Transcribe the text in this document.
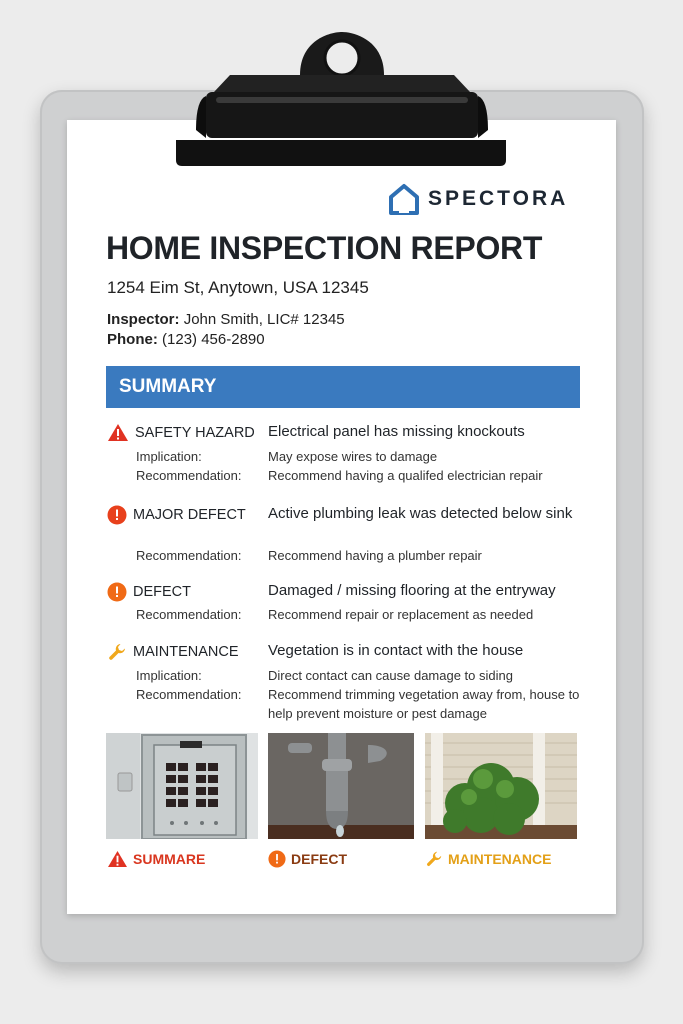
SPECTORA
HOME INSPECTION REPORT
1254 Eim St, Anytown, USA 12345
Inspector: John Smith, LIC# 12345
Phone: (123) 456-2890
SUMMARY
SAFETY HAZARD Electrical panel has missing knockouts
Implication:	May expose wires to damage
Recommendation: Recommend having a qualifed electrician repair
MAJOR DEFECT Active plumbing leak was detected below sink
Recommendation: Recommend having a plumber repair
DEFECT	Damaged / missing flooring at the entryway
Recommendation: Recommend repair or replacement as needed
MAINTENANCE Vegetation is in contact with the house
Implication:	Direct contact can cause damage to siding
Recommendation: Recommend trimming vegetation away from, house to help prevent moisture or pest damage
SUMMARE	DEFECT	MAINTENANCE
